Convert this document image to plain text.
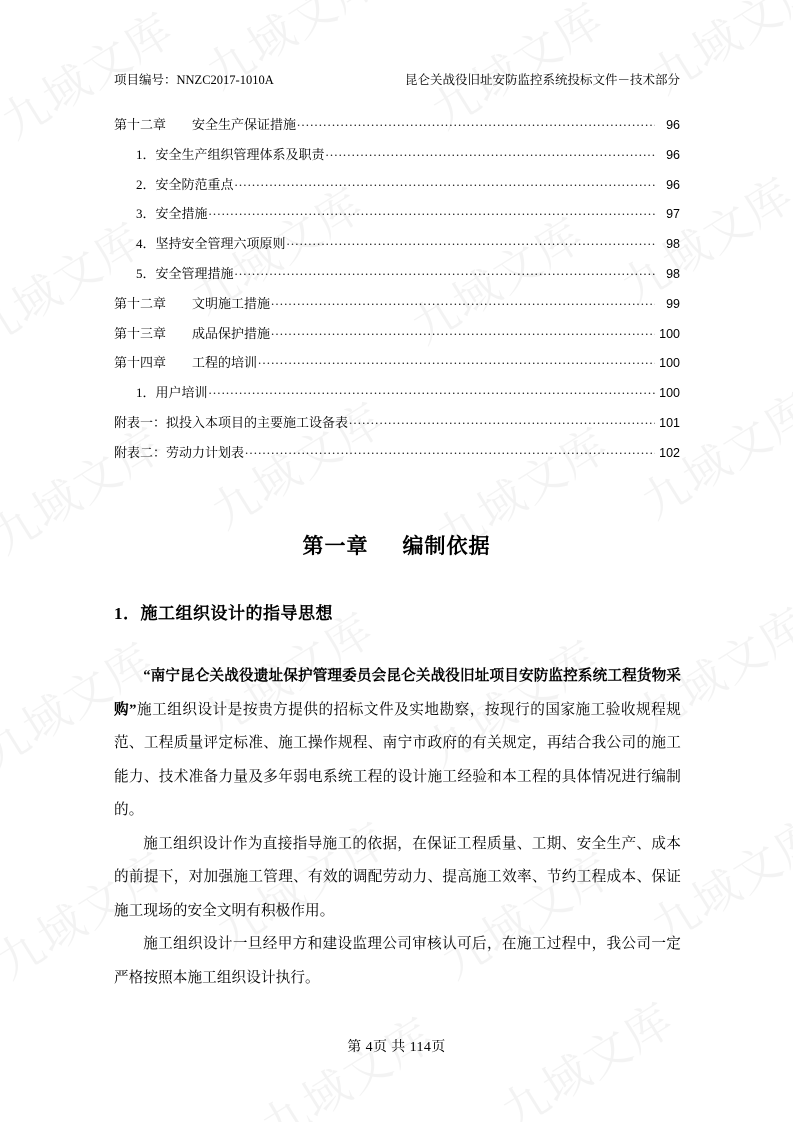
项目编号：NNZC2017-1010A	昆仑关战役旧址安防监控系统投标文件－技术部分
第十二章 安全生产保证措施 .....	96
1．安全生产组织管理体系及职责 .....	96
2．安全防范重点 .....	96
3．安全措施 .....	97
4．坚持安全管理六项原则 .....	98
5．安全管理措施 .....	98
第十二章 文明施工措施 .....	99
第十三章 成品保护措施 .....	100
第十四章 工程的培训 .....	100
1．用户培训 .....	100
附表一：拟投入本项目的主要施工设备表 .....	101
附表二：劳动力计划表 .....	102
第一章 编制依据
1．施工组织设计的指导思想

“南宁昆仑关战役遗址保护管理委员会昆仑关战役旧址项目安防监控系统工程货物采购”施工组织设计是按贵方提供的招标文件及实地勘察，按现行的国家施工验收规程规范、工程质量评定标准、施工操作规程、南宁市政府的有关规定，再结合我公司的施工能力、技术准备力量及多年弱电系统工程的设计施工经验和本工程的具体情况进行编制的。

施工组织设计作为直接指导施工的依据，在保证工程质量、工期、安全生产、成本的前提下，对加强施工管理、有效的调配劳动力、提高施工效率、节约工程成本、保证施工现场的安全文明有积极作用。

施工组织设计一旦经甲方和建设监理公司审核认可后，在施工过程中，我公司一定严格按照本施工组织设计执行。

第 4页 共 114页
